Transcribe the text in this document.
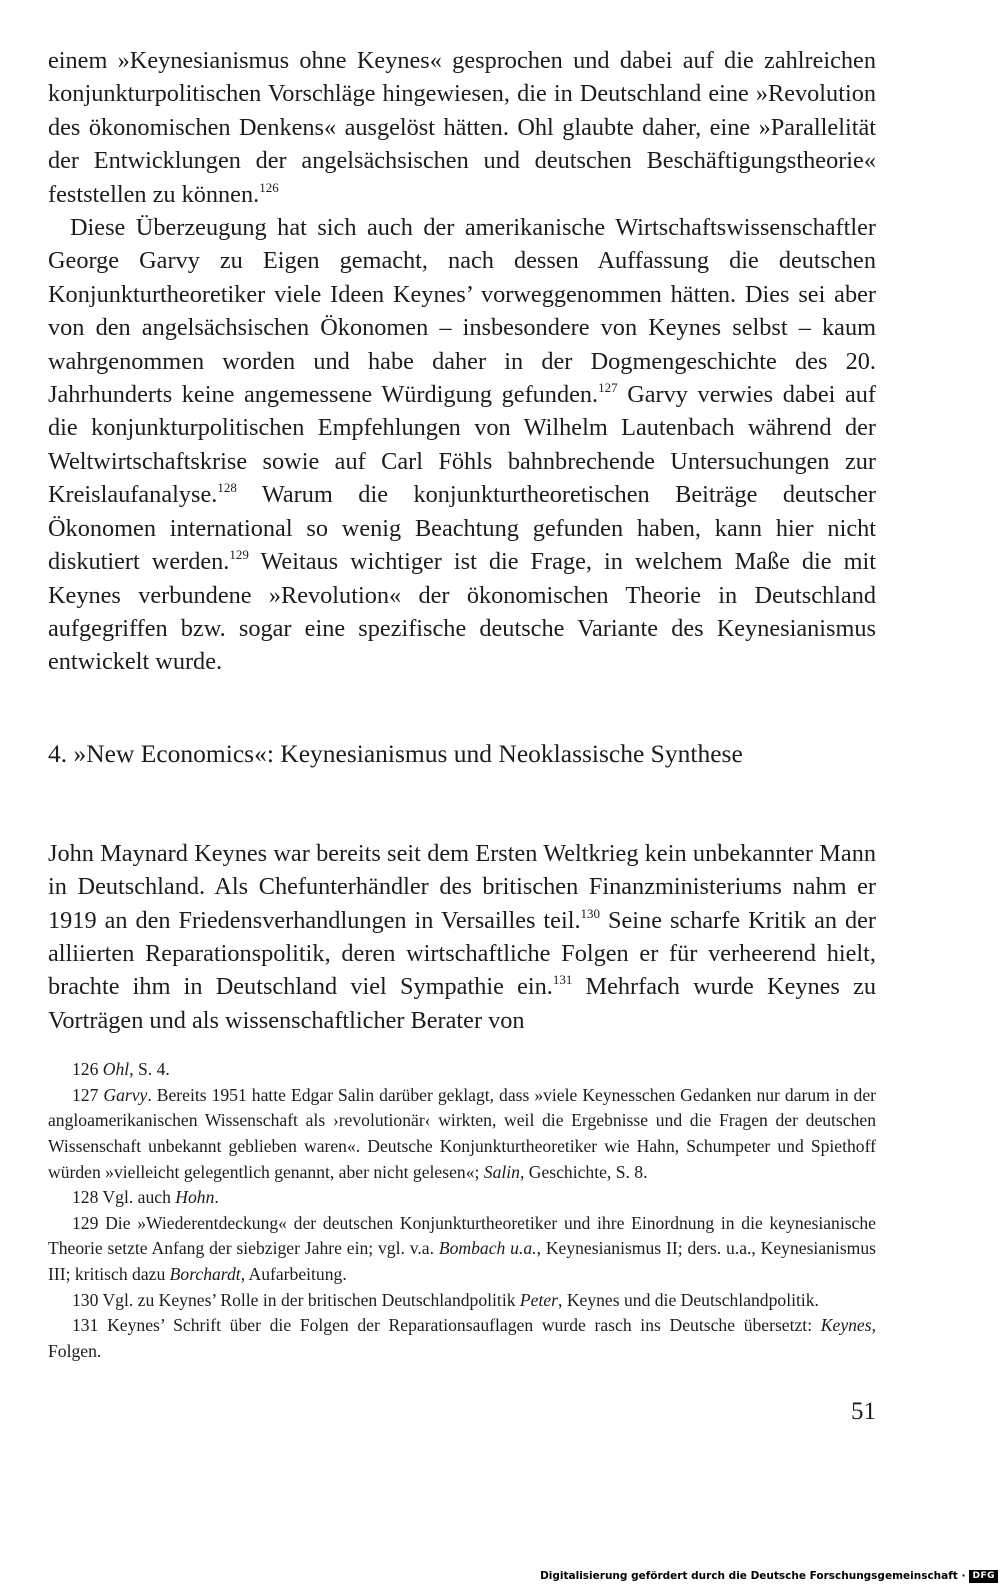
einem »Keynesianismus ohne Keynes« gesprochen und dabei auf die zahlreichen konjunkturpolitischen Vorschläge hingewiesen, die in Deutschland eine »Revolution des ökonomischen Denkens« ausgelöst hätten. Ohl glaubte daher, eine »Parallelität der Entwicklungen der angelsächsischen und deutschen Beschäftigungstheorie« feststellen zu können.$^{126}$

Diese Überzeugung hat sich auch der amerikanische Wirtschaftswissenschaftler George Garvy zu Eigen gemacht, nach dessen Auffassung die deutschen Konjunkturtheoretiker viele Ideen Keynes’ vorweggenommen hätten. Dies sei aber von den angelsächsischen Ökonomen – insbesondere von Keynes selbst – kaum wahrgenommen worden und habe daher in der Dogmengeschichte des 20. Jahrhunderts keine angemessene Würdigung gefunden.$^{127}$ Garvy verwies dabei auf die konjunkturpolitischen Empfehlungen von Wilhelm Lautenbach während der Weltwirtschaftskrise sowie auf Carl Föhls bahnbrechende Untersuchungen zur Kreislaufanalyse.$^{128}$ Warum die konjunkturtheoretischen Beiträge deutscher Ökonomen international so wenig Beachtung gefunden haben, kann hier nicht diskutiert werden.$^{129}$ Weitaus wichtiger ist die Frage, in welchem Maße die mit Keynes verbundene »Revolution« der ökonomischen Theorie in Deutschland aufgegriffen bzw. sogar eine spezifische deutsche Variante des Keynesianismus entwickelt wurde.

4. »New Economics«: Keynesianismus und Neoklassische Synthese

John Maynard Keynes war bereits seit dem Ersten Weltkrieg kein unbekannter Mann in Deutschland. Als Chefunterhändler des britischen Finanzministeriums nahm er 1919 an den Friedensverhandlungen in Versailles teil.$^{130}$ Seine scharfe Kritik an der alliierten Reparationspolitik, deren wirtschaftliche Folgen er für verheerend hielt, brachte ihm in Deutschland viel Sympathie ein.$^{131}$ Mehrfach wurde Keynes zu Vorträgen und als wissenschaftlicher Berater von

126 Ohl, S. 4.

127 Garvy. Bereits 1951 hatte Edgar Salin darüber geklagt, dass »viele Keynesschen Gedanken nur darum in der angloamerikanischen Wissenschaft als ›revolutionär‹ wirkten, weil die Ergebnisse und die Fragen der deutschen Wissenschaft unbekannt geblieben waren«. Deutsche Konjunkturtheoretiker wie Hahn, Schumpeter und Spiethoff würden »vielleicht gelegentlich genannt, aber nicht gelesen«; Salin, Geschichte, S. 8.

128 Vgl. auch Hohn.

129 Die »Wiederentdeckung« der deutschen Konjunkturtheoretiker und ihre Einordnung in die keynesianische Theorie setzte Anfang der siebziger Jahre ein; vgl. v.a. Bombach u.a., Keynesianismus II; ders. u.a., Keynesianismus III; kritisch dazu Borchardt, Aufarbeitung.

130 Vgl. zu Keynes’ Rolle in der britischen Deutschlandpolitik Peter, Keynes und die Deutschlandpolitik.

131 Keynes’ Schrift über die Folgen der Reparationsauflagen wurde rasch ins Deutsche übersetzt: Keynes, Folgen.

51
Digitalisierung gefördert durch die Deutsche Forschungsgemeinschaft · DFG
